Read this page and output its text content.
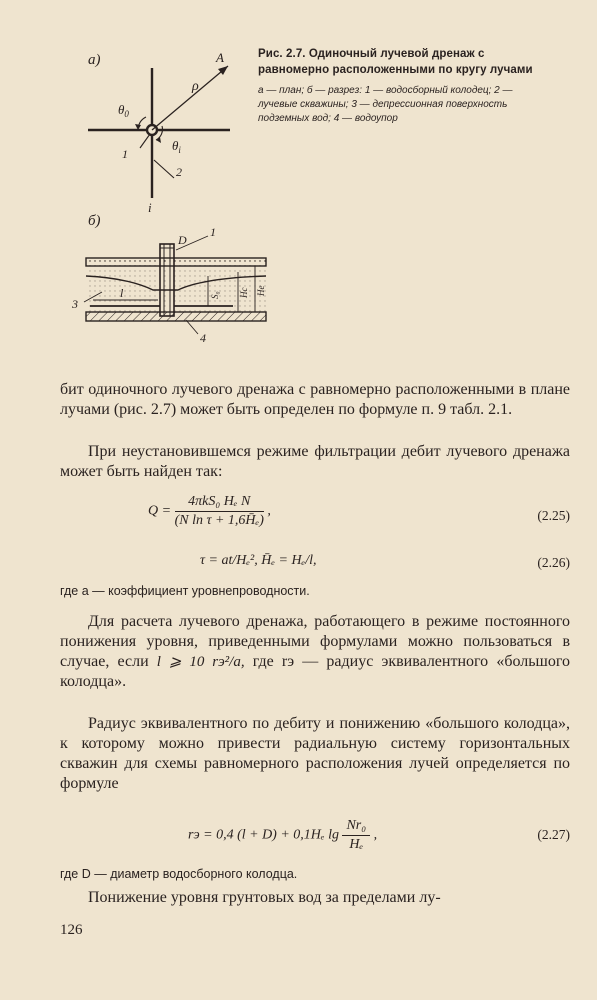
а)	A
ρ
$\theta_0$
$\theta_i$
1
2
i

Рис. 2.7. Одиночный лучевой дренаж с равномерно расположенными по кругу лучами

а — план; б — разрез: 1 — водосборный колодец; 2 — лучевые скважины; 3 — депрессионная поверхность подземных вод; 4 — водоупор
б)
D
1
3
4
l	S₀ Hc He

бит одиночного лучевого дренажа с равномерно расположенными в плане лучами (рис. 2.7) может быть определен по формуле п. 9 табл. 2.1.

При неустановившемся режиме фильтрации дебит лучевого дренажа может быть найден так:

$Q = \frac{\text{4πkS₀ Hₑ N}}{\text{(N ln τ + 1,6H̄ₑ)}}$ ,	(2.25)
τ = at/Hₑ², H̄ₑ = Hₑ/l,	(2.26)
где a — коэффициент уровнепроводности.

Для расчета лучевого дренажа, работающего в режиме постоянного понижения уровня, приведенными формулами можно пользоваться в случае, если l ⩾ 10 rэ²/a, где rэ — радиус эквивалентного «большого колодца».

Радиус эквивалентного по дебиту и понижению «большого колодца», к которому можно привести радиальную систему горизонтальных скважин для схемы равномерного расположения лучей определяется по формуле

rэ = 0,4 (l + D) + 0,1Hₑ $\lg \frac{\text{Nr₀}}{\text{Hₑ}}$ ,	(2.27)
где D — диаметр водосборного колодца.

Понижение уровня грунтовых вод за пределами лу-

126
